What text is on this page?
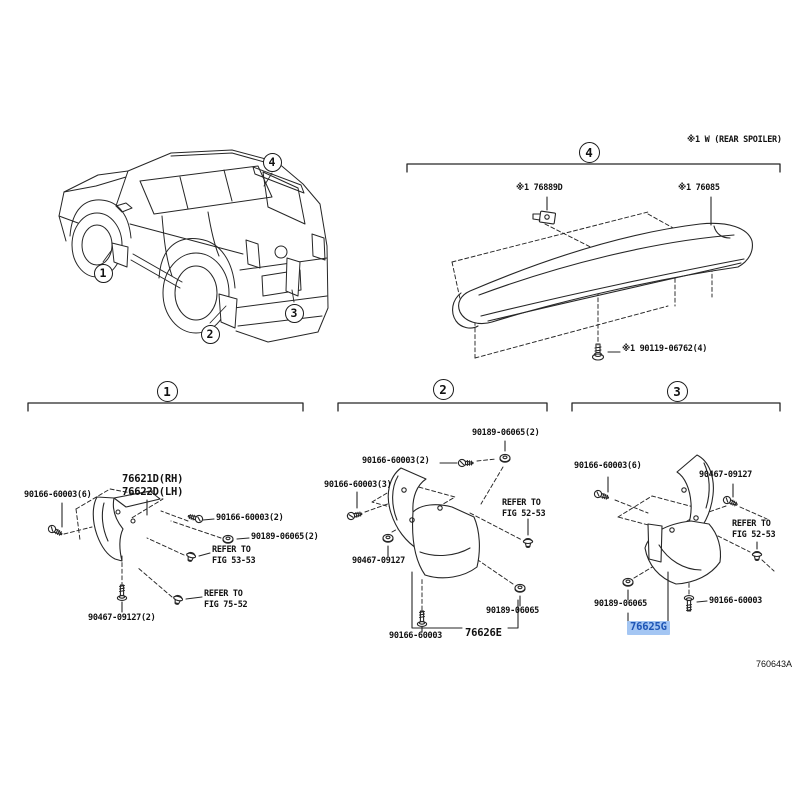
1
2
3
4
4
1	2	3
※1 W (REAR SPOILER)
※1 76889D	※1 76085
※1 90119-06762(4)
76621D(RH)
76622D(LH)
90166-60003(6)
90166-60003(2)
90189-06065(2)
REFER TO
FIG 53-53
REFER TO
FIG 75-52
90467-09127(2)
90189-06065(2)
90166-60003(2)
90166-60003(3)
REFER TO
FIG 52-53
90467-09127
90189-06065
90166-60003 76626E
90166-60003(6)
90467-09127
REFER TO
FIG 52-53
90189-06065	90166-60003
76625G
760643A
